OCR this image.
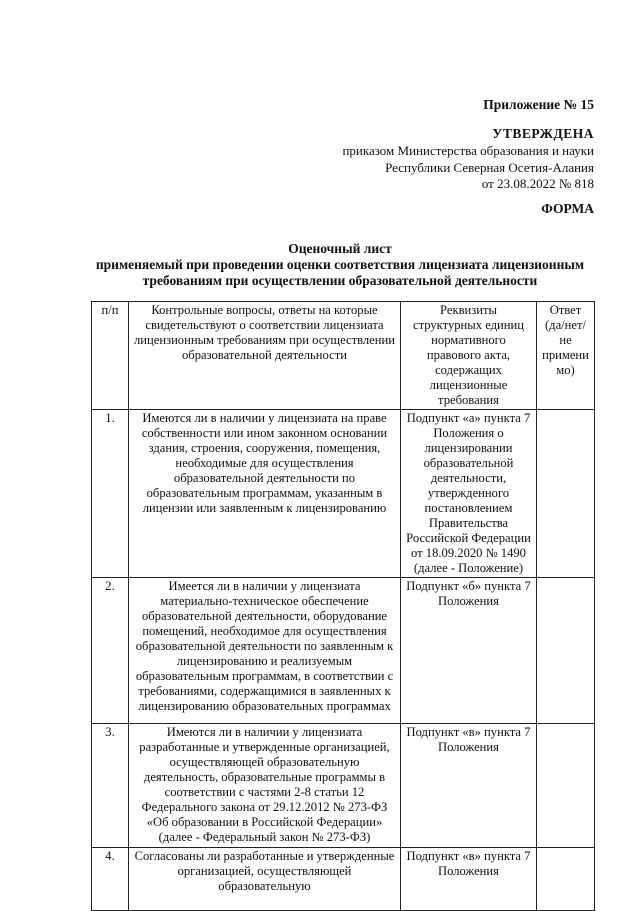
Приложение № 15
УТВЕРЖДЕНА
приказом Министерства образования и науки
Республики Северная Осетия-Алания
от 23.08.2022 № 818
ФОРМА
Оценочный лист
применяемый при проведении оценки соответствия лицензиата лицензионным
требованиям при осуществлении образовательной деятельности
п/п	Контрольные вопросы, ответы на которые свидетельствуют о соответствии лицензиата лицензионным требованиям при осуществлении образовательной деятельности	Реквизиты структурных единиц нормативного правового акта, содержащих лицензионные требования	Ответ (да/нет/ не примени мо)
1.	Имеются ли в наличии у лицензиата на праве собственности или ином законном основании здания, строения, сооружения, помещения, необходимые для осуществления образовательной деятельности по образовательным программам, указанным в лицензии или заявленным к лицензированию	Подпункт «а» пункта 7 Положения о лицензировании образовательной деятельности, утвержденного постановлением Правительства Российской Федерации от 18.09.2020 № 1490 (далее - Положение)	
2.	Имеется ли в наличии у лицензиата материально-техническое обеспечение образовательной деятельности, оборудование помещений, необходимое для осуществления образовательной деятельности по заявленным к лицензированию и реализуемым образовательным программам, в соответствии с требованиями, содержащимися в заявленных к лицензированию образовательных программах	Подпункт «б» пункта 7 Положения	
3.	Имеются ли в наличии у лицензиата разработанные и утвержденные организацией, осуществляющей образовательную деятельность, образовательные программы в соответствии с частями 2-8 статьи 12 Федерального закона от 29.12.2012 № 273-ФЗ «Об образовании в Российской Федерации» (далее - Федеральный закон № 273-ФЗ)	Подпункт «в» пункта 7 Положения	
4.	Согласованы ли разработанные и утвержденные организацией, осуществляющей образовательную	Подпункт «в» пункта 7 Положения	
